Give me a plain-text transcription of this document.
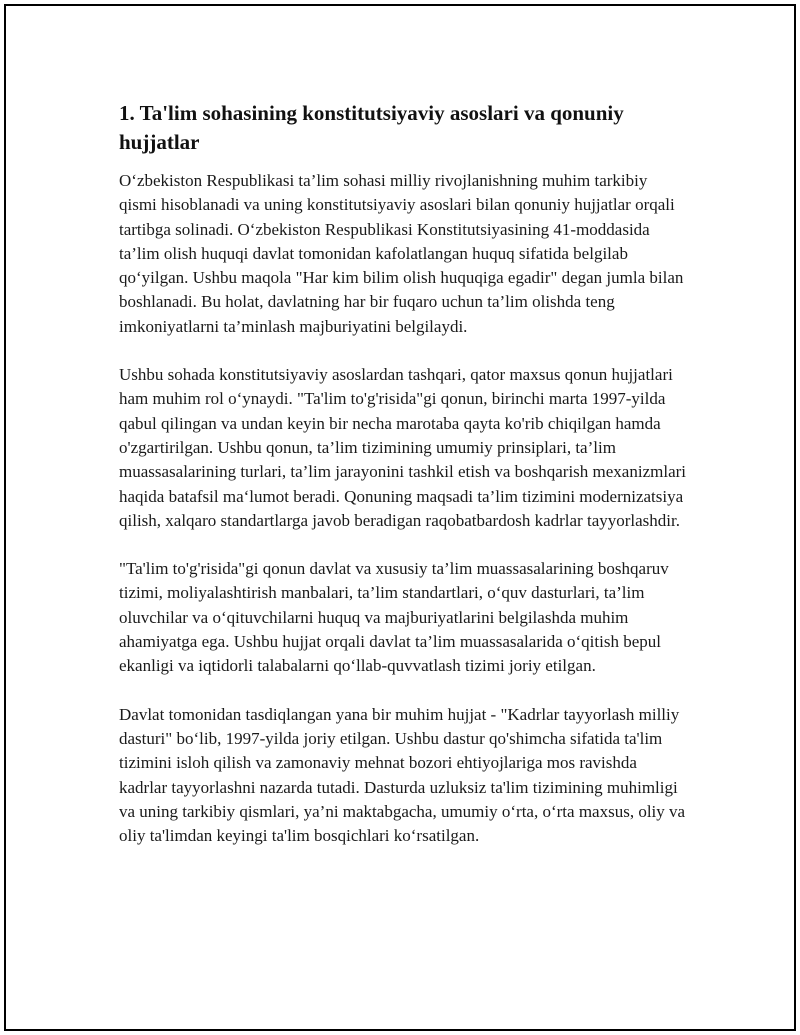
1. Ta'lim sohasining konstitutsiyaviy asoslari va qonuniy hujjatlar

O‘zbekiston Respublikasi ta’lim sohasi milliy rivojlanishning muhim tarkibiy qismi hisoblanadi va uning konstitutsiyaviy asoslari bilan qonuniy hujjatlar orqali tartibga solinadi. O‘zbekiston Respublikasi Konstitutsiyasining 41-moddasida ta’lim olish huquqi davlat tomonidan kafolatlangan huquq sifatida belgilab qo‘yilgan. Ushbu maqola "Har kim bilim olish huquqiga egadir" degan jumla bilan boshlanadi. Bu holat, davlatning har bir fuqaro uchun ta’lim olishda teng imkoniyatlarni ta’minlash majburiyatini belgilaydi.

Ushbu sohada konstitutsiyaviy asoslardan tashqari, qator maxsus qonun hujjatlari ham muhim rol o‘ynaydi. "Ta'lim to'g'risida"gi qonun, birinchi marta 1997-yilda qabul qilingan va undan keyin bir necha marotaba qayta ko'rib chiqilgan hamda o'zgartirilgan. Ushbu qonun, ta’lim tizimining umumiy prinsiplari, ta’lim muassasalarining turlari, ta’lim jarayonini tashkil etish va boshqarish mexanizmlari haqida batafsil ma‘lumot beradi. Qonuning maqsadi ta’lim tizimini modernizatsiya qilish, xalqaro standartlarga javob beradigan raqobatbardosh kadrlar tayyorlashdir.

"Ta'lim to'g'risida"gi qonun davlat va xususiy ta’lim muassasalarining boshqaruv tizimi, moliyalashtirish manbalari, ta’lim standartlari, o‘quv dasturlari, ta’lim oluvchilar va o‘qituvchilarni huquq va majburiyatlarini belgilashda muhim ahamiyatga ega. Ushbu hujjat orqali davlat ta’lim muassasalarida o‘qitish bepul ekanligi va iqtidorli talabalarni qo‘llab-quvvatlash tizimi joriy etilgan.

Davlat tomonidan tasdiqlangan yana bir muhim hujjat - "Kadrlar tayyorlash milliy dasturi" bo‘lib, 1997-yilda joriy etilgan. Ushbu dastur qo'shimcha sifatida ta'lim tizimini isloh qilish va zamonaviy mehnat bozori ehtiyojlariga mos ravishda kadrlar tayyorlashni nazarda tutadi. Dasturda uzluksiz ta'lim tizimining muhimligi va uning tarkibiy qismlari, ya’ni maktabgacha, umumiy o‘rta, o‘rta maxsus, oliy va oliy ta'limdan keyingi ta'lim bosqichlari ko‘rsatilgan.
